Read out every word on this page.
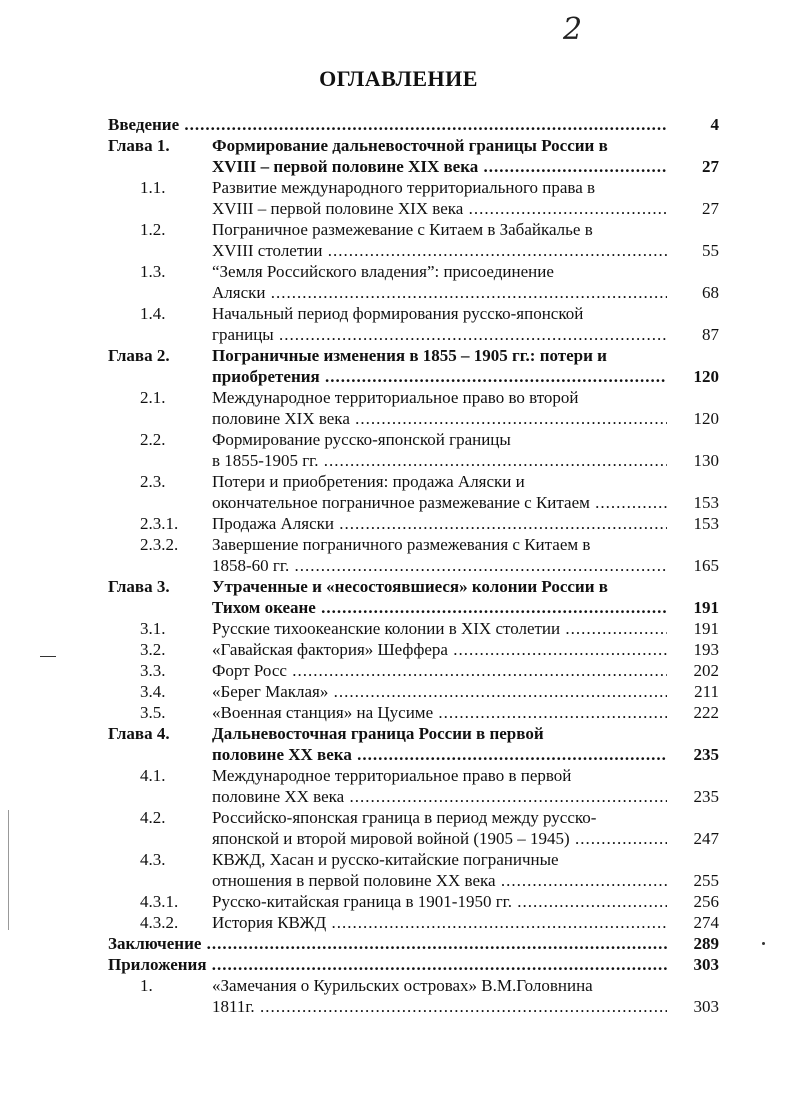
2
ОГЛАВЛЕНИЕ
Введение .....	4
Глава 1. Формирование дальневосточной границы России в
XVIII – первой половине XIX века .....	27
1.1.	Развитие международного территориального права в
XVIII – первой половине XIX века .....	27
1.2.	Пограничное размежевание с Китаем в Забайкалье в
XVIII столетии .....	55
1.3.	“Земля Российского владения”: присоединение
Аляски .....	68
1.4.	Начальный период формирования русско-японской
границы .....	87
Глава 2. Пограничные изменения в 1855 – 1905 гг.: потери и
приобретения .....	120
2.1.	Международное территориальное право во второй
половине XIX века .....	120
2.2.	Формирование русско-японской границы
в 1855-1905 гг. .....	130
2.3.	Потери и приобретения: продажа Аляски и
окончательное пограничное размежевание с Китаем .....	153
2.3.1. Продажа Аляски .....	153
2.3.2. Завершение пограничного размежевания с Китаем в
1858-60 гг. .....	165
Глава 3. Утраченные и «несостоявшиеся» колонии России в
Тихом океане .....	191
3.1.	Русские тихоокеанские колонии в XIX столетии .....	191
3.2.	«Гавайская фактория» Шеффера .....	193
3.3.	Форт Росс .....	202
3.4.	«Берег Маклая» .....	211
3.5.	«Военная станция» на Цусиме .....	222
Глава 4. Дальневосточная граница России в первой
половине XX века .....	235
4.1.	Международное территориальное право в первой
половине XX века .....	235
4.2.	Российско-японская граница в период между русско-
японской и второй мировой войной (1905 – 1945) .....	247
4.3.	КВЖД, Хасан и русско-китайские пограничные
отношения в первой половине XX века .....	255
4.3.1. Русско-китайская граница в 1901-1950 гг. .....	256
4.3.2. История КВЖД .....	274
Заключение .....	289
Приложения .....	303
1.	«Замечания о Курильских островах» В.М.Головнина
1811г. .....	303
